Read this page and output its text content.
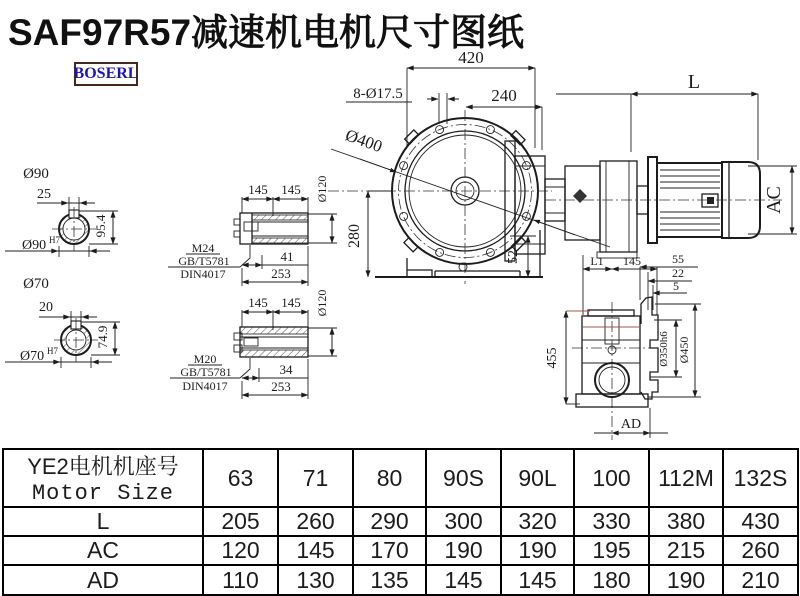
SAF97R57减速机电机尺寸图纸
BOSERL
Ø400
420
240
8-Ø17.5
L
AC
280
52	L1 145	55
22
5
455	Ø350h6 Ø450
AD
Ø90
25
95.4
Ø90 H7
Ø70
20
74.9
Ø70 H7
145 145 Ø120
M24
GB/T5781
DIN4017
41
253
145 145 Ø120
M20
GB/T5781
DIN4017
34
253
YE2电机机座号
Motor Size	63	71	80	90S	90L	100	112M	132S
L	205	260	290	300	320	330	380	430
AC	120	145	170	190	190	195	215	260
AD	110	130	135	145	145	180	190	210
